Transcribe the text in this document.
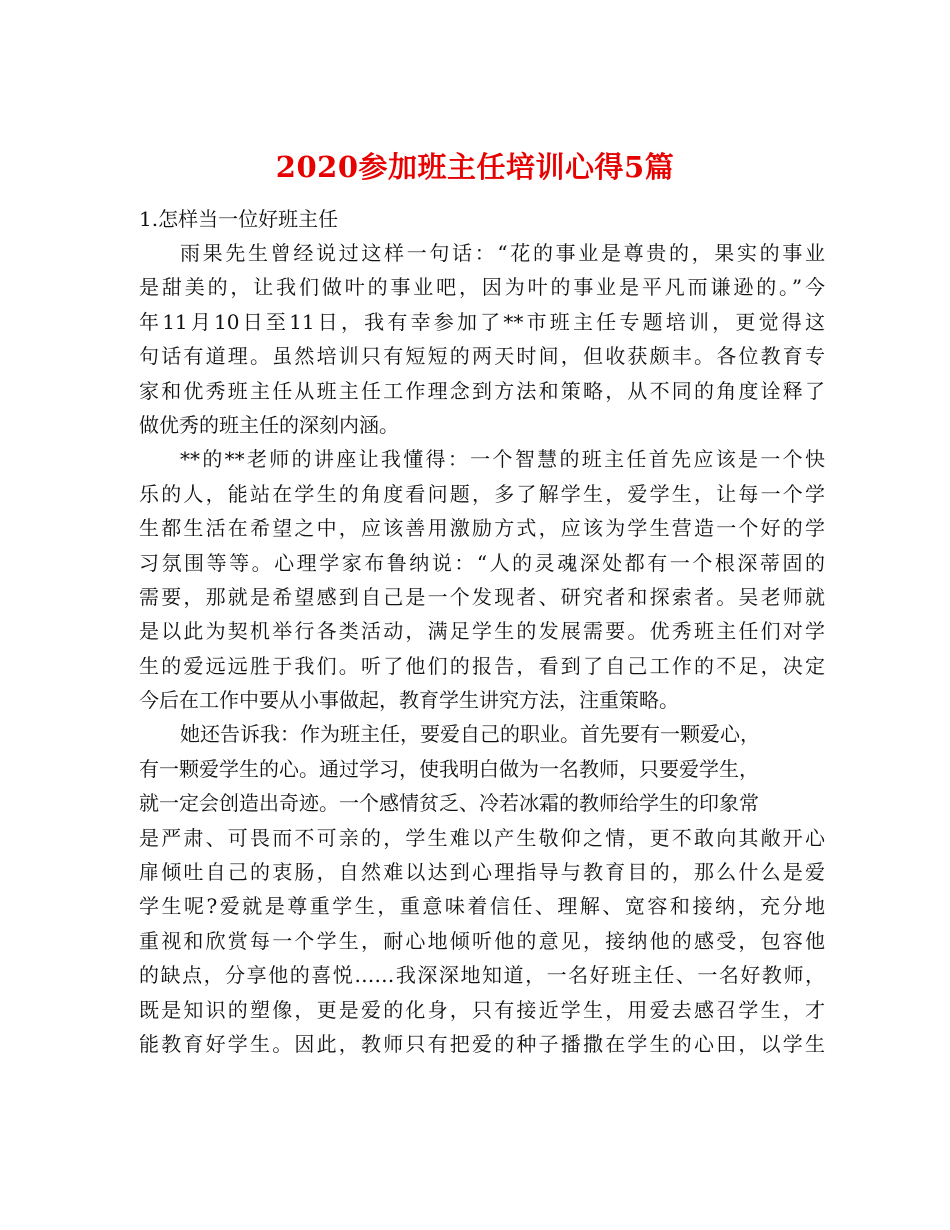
2020参加班主任培训心得5篇

1.怎样当一位好班主任

雨果先生曾经说过这样一句话：“花的事业是尊贵的，果实的事业
是甜美的，让我们做叶的事业吧，因为叶的事业是平凡而谦逊的。”今
年11月10日至11日，我有幸参加了**市班主任专题培训，更觉得这
句话有道理。虽然培训只有短短的两天时间，但收获颇丰。各位教育专
家和优秀班主任从班主任工作理念到方法和策略，从不同的角度诠释了
做优秀的班主任的深刻内涵。

**的**老师的讲座让我懂得：一个智慧的班主任首先应该是一个快
乐的人，能站在学生的角度看问题，多了解学生，爱学生，让每一个学
生都生活在希望之中，应该善用激励方式，应该为学生营造一个好的学
习氛围等等。心理学家布鲁纳说：“人的灵魂深处都有一个根深蒂固的
需要，那就是希望感到自己是一个发现者、研究者和探索者。吴老师就
是以此为契机举行各类活动，满足学生的发展需要。优秀班主任们对学
生的爱远远胜于我们。听了他们的报告，看到了自己工作的不足，决定
今后在工作中要从小事做起，教育学生讲究方法，注重策略。

她还告诉我：作为班主任，要爱自己的职业。首先要有一颗爱心，
有一颗爱学生的心。通过学习，使我明白做为一名教师，只要爱学生，
就一定会创造出奇迹。一个感情贫乏、冷若冰霜的教师给学生的印象常
是严肃、可畏而不可亲的，学生难以产生敬仰之情，更不敢向其敞开心
扉倾吐自己的衷肠，自然难以达到心理指导与教育目的，那么什么是爱
学生呢?爱就是尊重学生，重意味着信任、理解、宽容和接纳，充分地
重视和欣赏每一个学生，耐心地倾听他的意见，接纳他的感受，包容他
的缺点，分享他的喜悦……我深深地知道，一名好班主任、一名好教师，
既是知识的塑像，更是爱的化身，只有接近学生，用爱去感召学生，才
能教育好学生。因此，教师只有把爱的种子播撒在学生的心田，以学生
